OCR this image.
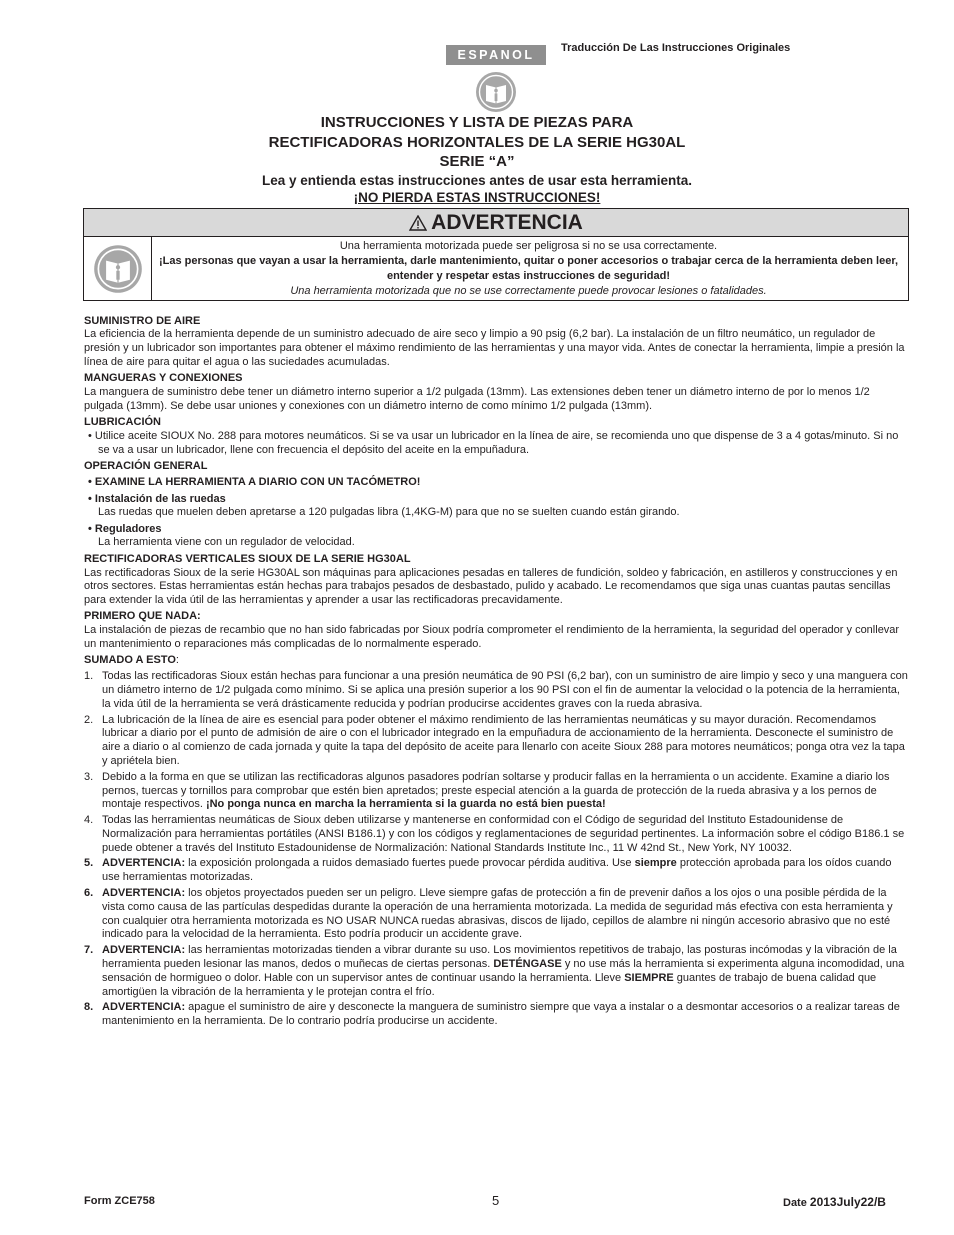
ESPANOL	Traducción De Las Instrucciones Originales
INSTRUCCIONES Y LISTA DE PIEZAS PARA
RECTIFICADORAS HORIZONTALES DE LA SERIE HG30AL
SERIE “A”
Lea y entienda estas instrucciones antes de usar esta herramienta.
¡NO PIERDA ESTAS INSTRUCCIONES!
ADVERTENCIA
Una herramienta motorizada puede ser peligrosa si no se usa correctamente.
¡Las personas que vayan a usar la herramienta, darle mantenimiento, quitar o poner accesorios o trabajar cerca de la herramienta deben leer, entender y respetar estas instrucciones de seguridad!
Una herramienta motorizada que no se use correctamente puede provocar lesiones o fatalidades.
SUMINISTRO DE AIRE

La eficiencia de la herramienta depende de un suministro adecuado de aire seco y limpio a 90 psig (6,2 bar). La instalación de un filtro neumático, un regulador de presión y un lubricador son importantes para obtener el máximo rendimiento de las herramientas y una mayor vida. Antes de conectar la herramienta, limpie a presión la línea de aire para quitar el agua o las suciedades acumuladas.

MANGUERAS Y CONEXIONES

La manguera de suministro debe tener un diámetro interno superior a 1/2 pulgada (13mm). Las extensiones deben tener un diámetro interno de por lo menos 1/2 pulgada (13mm). Se debe usar uniones y conexiones con un diámetro interno de como mínimo 1/2 pulgada (13mm).

LUBRICACIÓN

• Utilice aceite SIOUX No. 288 para motores neumáticos. Si se va usar un lubricador en la línea de aire, se recomienda uno que dispense de 3 a 4 gotas/minuto. Si no se va a usar un lubricador, llene con frecuencia el depósito del aceite en la empuñadura.

OPERACIÓN GENERAL
• EXAMINE LA HERRAMIENTA A DIARIO CON UN TACÓMETRO!
• Instalación de las ruedas

Las ruedas que muelen deben apretarse a 120 pulgadas libra (1,4KG-M) para que no se suelten cuando están girando.

• Reguladores

La herramienta viene con un regulador de velocidad.

RECTIFICADORAS VERTICALES SIOUX DE LA SERIE HG30AL

Las rectificadoras Sioux de la serie HG30AL son máquinas para aplicaciones pesadas en talleres de fundición, soldeo y fabricación, en astilleros y construcciones y en otros sectores. Estas herramientas están hechas para trabajos pesados de desbastado, pulido y acabado. Le recomendamos que siga unas cuantas pautas sencillas para extender la vida útil de las herramientas y aprender a usar las rectificadoras precavidamente.

PRIMERO QUE NADA:

La instalación de piezas de recambio que no han sido fabricadas por Sioux podría comprometer el rendimiento de la herramienta, la seguridad del operador y conllevar un mantenimiento o reparaciones más complicadas de lo normalmente esperado.

SUMADO A ESTO:
1. Todas las rectificadoras Sioux están hechas para funcionar a una presión neumática de 90 PSI (6,2 bar), con un suministro de aire limpio y seco y una manguera con un diámetro interno de 1/2 pulgada como mínimo. Si se aplica una presión superior a los 90 PSI con el fin de aumentar la velocidad o la potencia de la herramienta, la vida útil de la herramienta se verá drásticamente reducida y podrían producirse accidentes graves con la rueda abrasiva.
2. La lubricación de la línea de aire es esencial para poder obtener el máximo rendimiento de las herramientas neumáticas y su mayor duración. Recomendamos lubricar a diario por el punto de admisión de aire o con el lubricador integrado en la empuñadura de accionamiento de la herramienta. Desconecte el suministro de aire a diario o al comienzo de cada jornada y quite la tapa del depósito de aceite para llenarlo con aceite Sioux 288 para motores neumáticos; ponga otra vez la tapa y apriétela bien.
3. Debido a la forma en que se utilizan las rectificadoras algunos pasadores podrían soltarse y producir fallas en la herramienta o un accidente. Examine a diario los pernos, tuercas y tornillos para comprobar que estén bien apretados; preste especial atención a la guarda de protección de la rueda abrasiva y a los pernos de montaje respectivos. ¡No ponga nunca en marcha la herramienta si la guarda no está bien puesta!
4. Todas las herramientas neumáticas de Sioux deben utilizarse y mantenerse en conformidad con el Código de seguridad del Instituto Estadounidense de Normalización para herramientas portátiles (ANSI B186.1) y con los códigos y reglamentaciones de seguridad pertinentes. La información sobre el código B186.1 se puede obtener a través del Instituto Estadounidense de Normalización: National Standards Institute Inc., 11 W 42nd St., New York, NY 10032.
5. ADVERTENCIA: la exposición prolongada a ruidos demasiado fuertes puede provocar pérdida auditiva. Use siempre protección aprobada para los oídos cuando use herramientas motorizadas.
6. ADVERTENCIA: los objetos proyectados pueden ser un peligro. Lleve siempre gafas de protección a fin de prevenir daños a los ojos o una posible pérdida de la vista como causa de las partículas despedidas durante la operación de una herramienta motorizada. La medida de seguridad más efectiva con esta herramienta y con cualquier otra herramienta motorizada es NO USAR NUNCA ruedas abrasivas, discos de lijado, cepillos de alambre ni ningún accesorio abrasivo que no esté indicado para la velocidad de la herramienta. Esto podría producir un accidente grave.
7. ADVERTENCIA: las herramientas motorizadas tienden a vibrar durante su uso. Los movimientos repetitivos de trabajo, las posturas incómodas y la vibración de la herramienta pueden lesionar las manos, dedos o muñecas de ciertas personas. DETÉNGASE y no use más la herramienta si experimenta alguna incomodidad, una sensación de hormigueo o dolor. Hable con un supervisor antes de continuar usando la herramienta. Lleve SIEMPRE guantes de trabajo de buena calidad que amortigüen la vibración de la herramienta y le protejan contra el frío.
8. ADVERTENCIA: apague el suministro de aire y desconecte la manguera de suministro siempre que vaya a instalar o a desmontar accesorios o a realizar tareas de mantenimiento en la herramienta. De lo contrario podría producirse un accidente.
Form ZCE758	5	Date 2013July22/B
